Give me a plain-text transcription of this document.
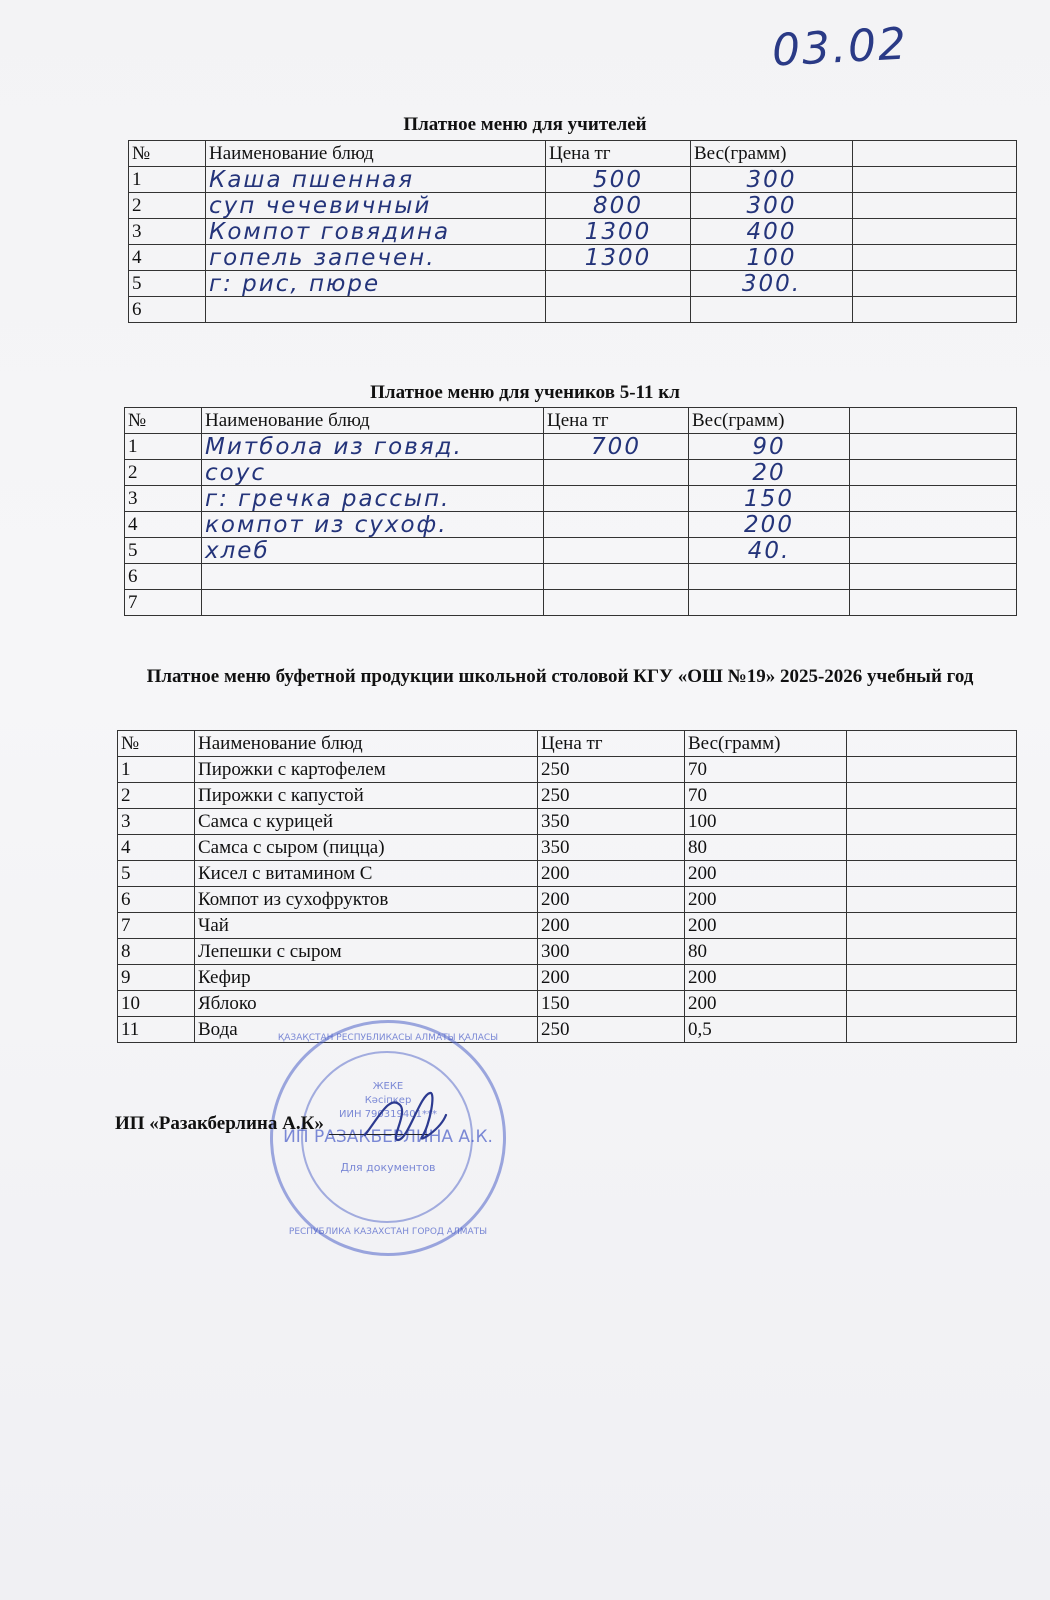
03.02
Платное меню для учителей
№	Наименование блюд	Цена тг	Вес(грамм)	
1	Каша пшенная	500	300	
2	суп чечевичный	800	300	
3	Компот говядина	1300	400	
4	гопель запечен.	1300	100	
5	г: рис, пюре		300.	
6				
Платное меню для учеников 5-11 кл
№	Наименование блюд	Цена тг	Вес(грамм)	
1	Митбола из говяд.	700	90	
2	соус		20	
3	г: гречка рассып.		150	
4	компот из сухоф.		200	
5	хлеб		40.	
6				
7				
Платное меню буфетной продукции школьной столовой КГУ «ОШ №19» 2025-2026 учебный год
№	Наименование блюд	Цена тг	Вес(грамм)	
1	Пирожки с картофелем	250	70	
2	Пирожки с капустой	250	70	
3	Самса с курицей	350	100	
4	Самса с сыром (пицца)	350	80	
5	Кисел с витамином С	200	200	
6	Компот из сухофруктов	200	200	
7	Чай	200	200	
8	Лепешки с сыром	300	80	
9	Кефир	200	200	
10	Яблоко	150	200	
11	Вода	250	0,5	
ҚАЗАҚСТАН РЕСПУБЛИКАСЫ АЛМАТЫ ҚАЛАСЫ
ЖЕКЕ
Кәсіпкер
ИИН 790319401***
ИП РАЗАКБЕРЛИНА А.К.
Для документов
РЕСПУБЛИКА КАЗАХСТАН ГОРОД АЛМАТЫ
ИП «Разакберлина А.К»
